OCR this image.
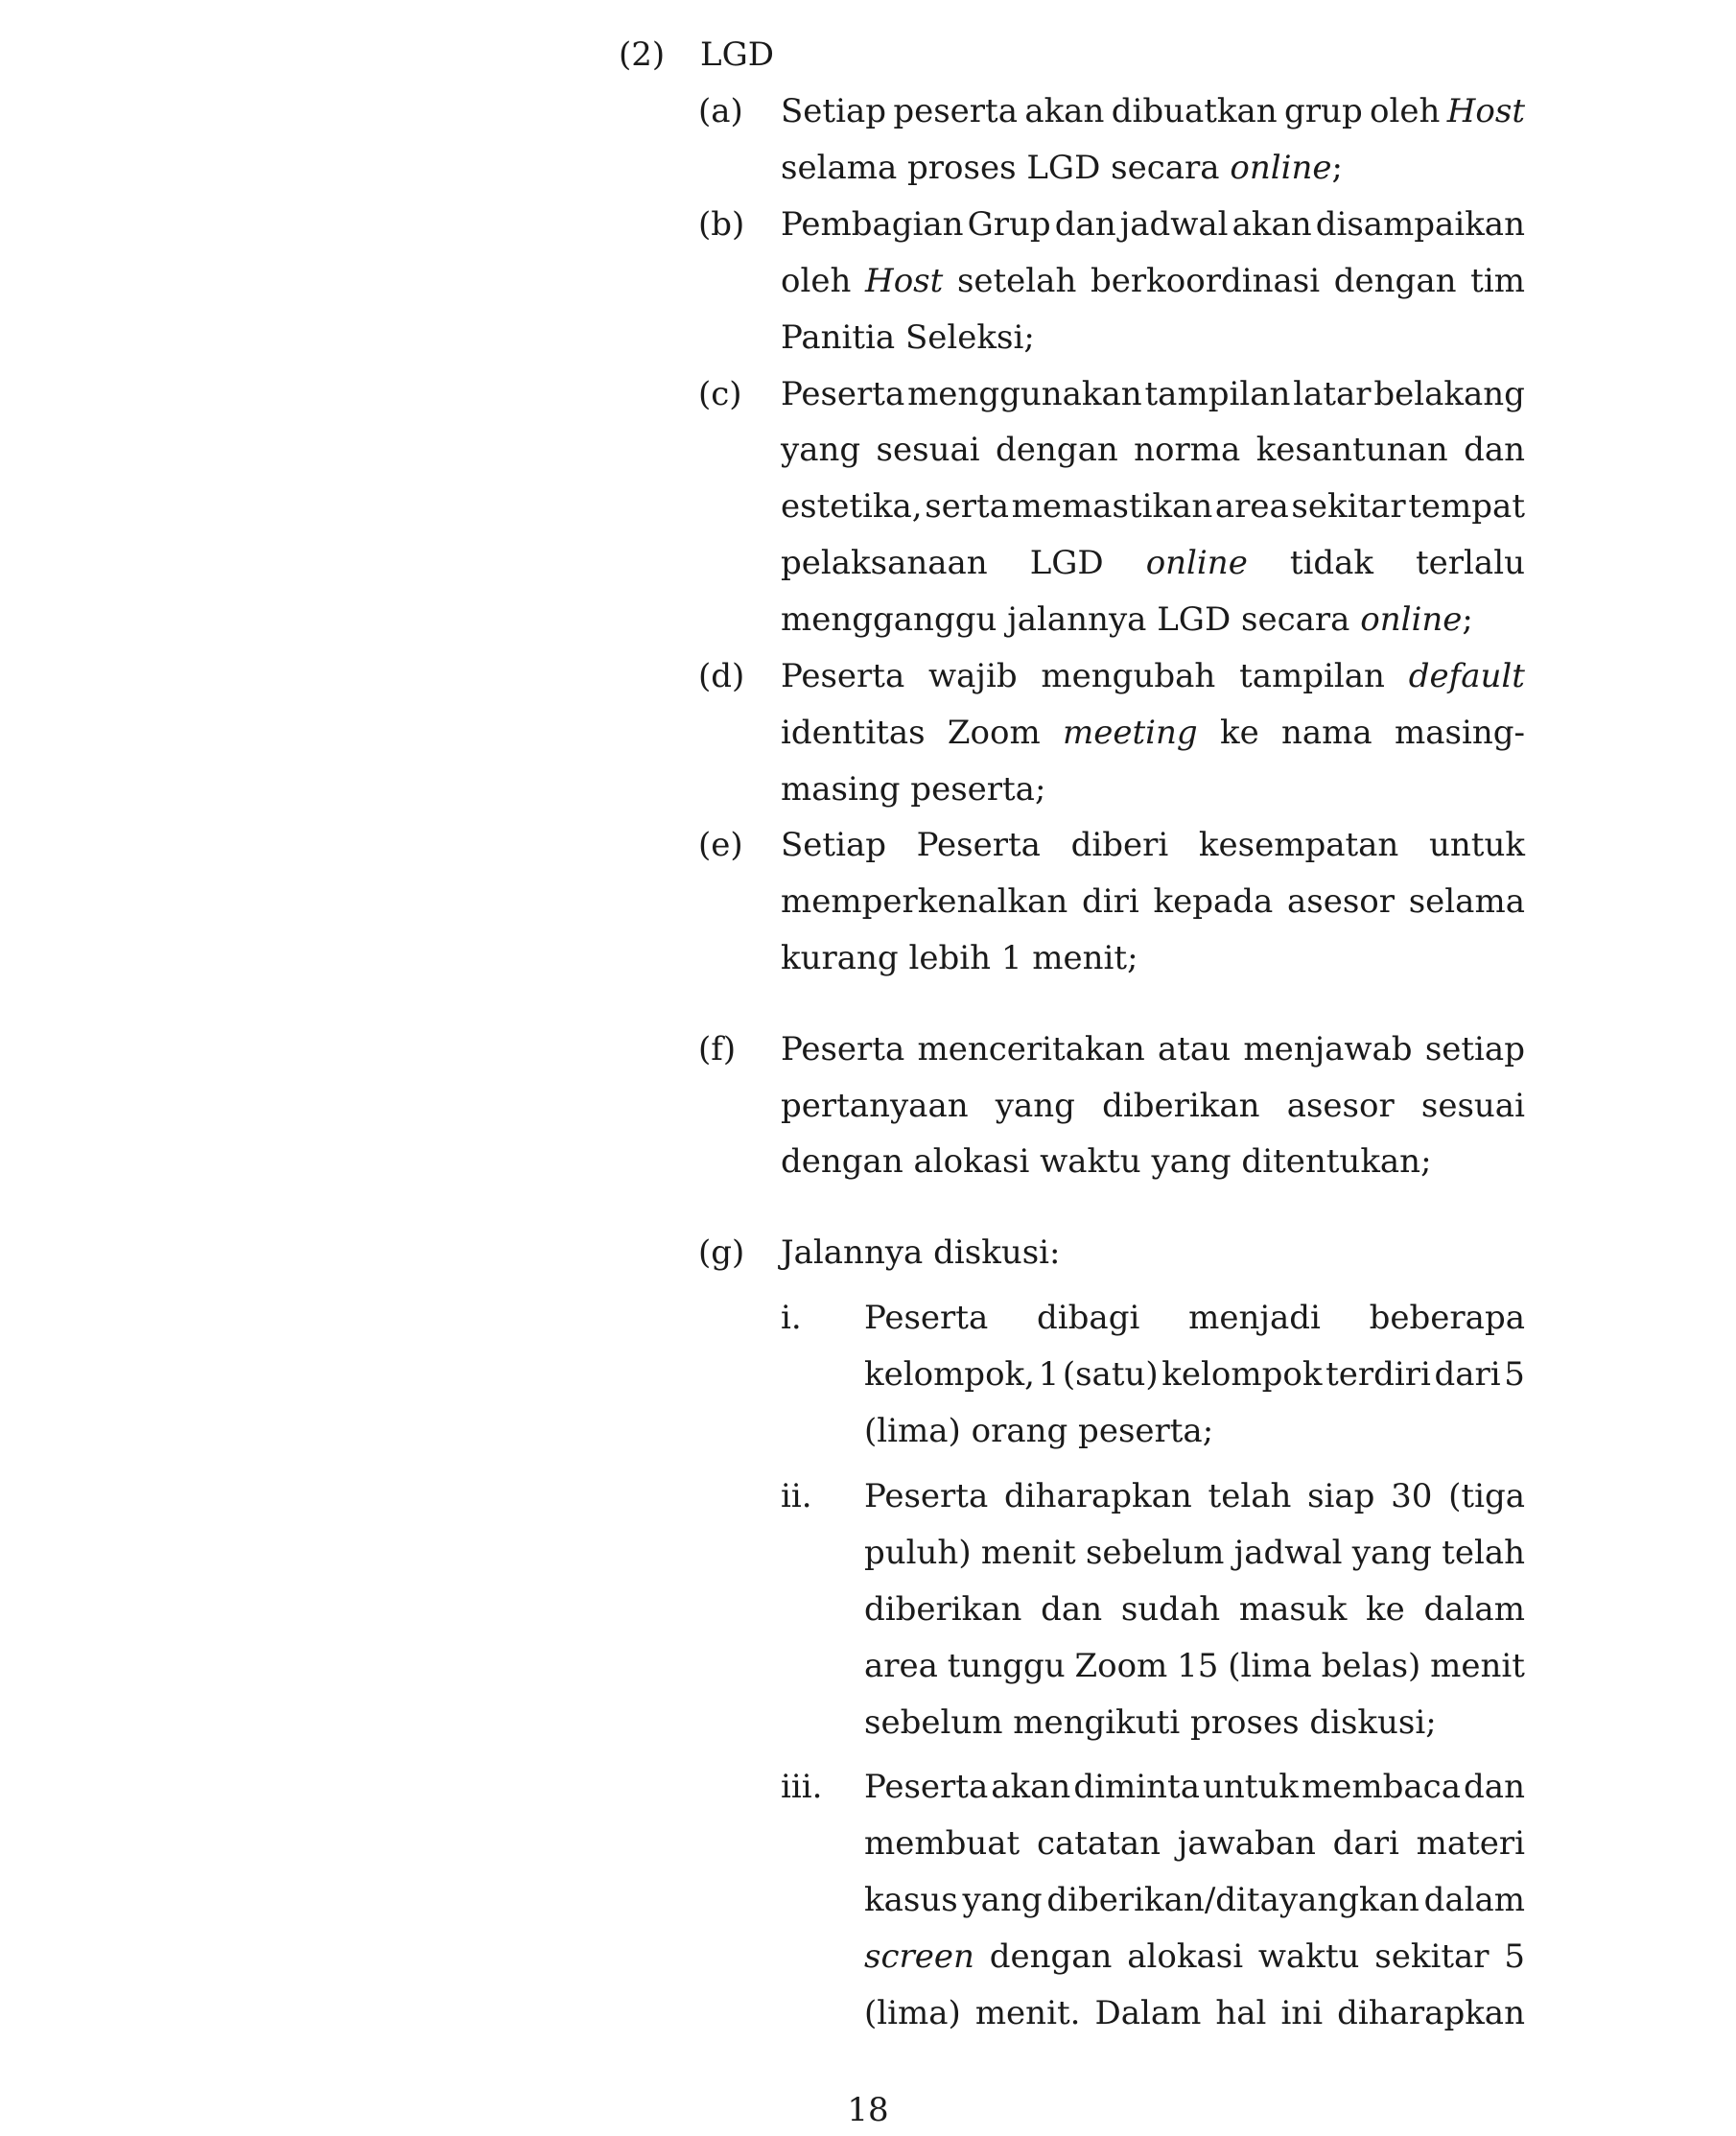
(2) LGD
(a) Setiap peserta akan dibuatkan grup oleh Host
selama proses LGD secara online;
(b) Pembagian Grup dan jadwal akan disampaikan
oleh Host setelah berkoordinasi dengan tim
Panitia Seleksi;
(c) Peserta menggunakan tampilan latar belakang
yang sesuai dengan norma kesantunan dan
estetika, serta memastikan area sekitar tempat
pelaksanaan LGD online tidak terlalu
mengganggu jalannya LGD secara online;
(d) Peserta wajib mengubah tampilan default
identitas Zoom meeting ke nama masing-
masing peserta;
(e) Setiap Peserta diberi kesempatan untuk
memperkenalkan diri kepada asesor selama
kurang lebih 1 menit;
(f) Peserta menceritakan atau menjawab setiap
pertanyaan yang diberikan asesor sesuai
dengan alokasi waktu yang ditentukan;
(g) Jalannya diskusi:
i. Peserta dibagi menjadi beberapa
kelompok, 1 (satu) kelompok terdiri dari 5
(lima) orang peserta;
ii. Peserta diharapkan telah siap 30 (tiga
puluh) menit sebelum jadwal yang telah
diberikan dan sudah masuk ke dalam
area tunggu Zoom 15 (lima belas) menit
sebelum mengikuti proses diskusi;
iii. Peserta akan diminta untuk membaca dan
membuat catatan jawaban dari materi
kasus yang diberikan/ditayangkan dalam
screen dengan alokasi waktu sekitar 5
(lima) menit. Dalam hal ini diharapkan
18
